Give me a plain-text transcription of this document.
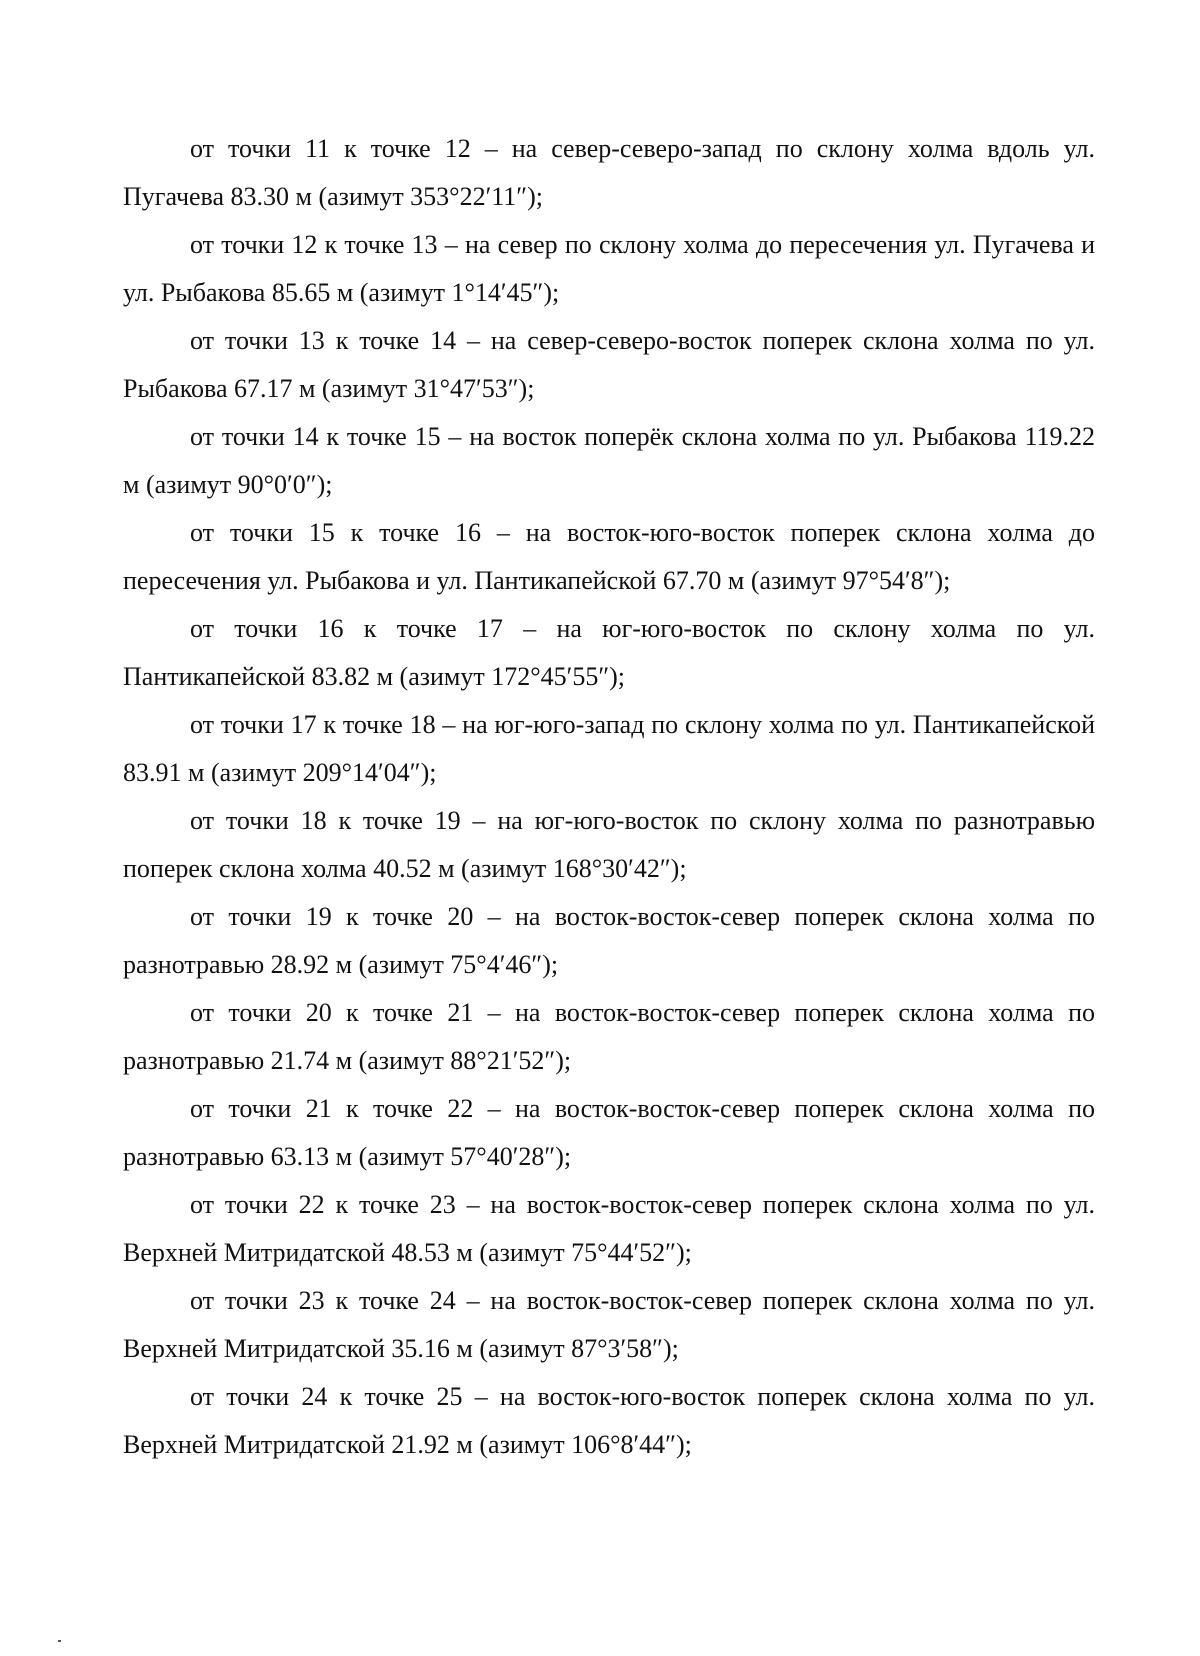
от точки 11 к точке 12 – на север-северо-запад по склону холма вдоль ул. Пугачева 83.30 м (азимут 353°22′11″);

от точки 12 к точке 13 – на север по склону холма до пересечения ул. Пугачева и ул. Рыбакова 85.65 м (азимут 1°14′45″);

от точки 13 к точке 14 – на север-северо-восток поперек склона холма по ул. Рыбакова 67.17 м (азимут 31°47′53″);

от точки 14 к точке 15 – на восток поперёк склона холма по ул. Рыбакова 119.22 м (азимут 90°0′0″);

от точки 15 к точке 16 – на восток-юго-восток поперек склона холма до пересечения ул. Рыбакова и ул. Пантикапейской 67.70 м (азимут 97°54′8″);

от точки 16 к точке 17 – на юг-юго-восток по склону холма по ул. Пантикапейской 83.82 м (азимут 172°45′55″);

от точки 17 к точке 18 – на юг-юго-запад по склону холма по ул. Пантикапейской 83.91 м (азимут 209°14′04″);

от точки 18 к точке 19 – на юг-юго-восток по склону холма по разнотравью поперек склона холма 40.52 м (азимут 168°30′42″);

от точки 19 к точке 20 – на восток-восток-север поперек склона холма по разнотравью 28.92 м (азимут 75°4′46″);

от точки 20 к точке 21 – на восток-восток-север поперек склона холма по разнотравью 21.74 м (азимут 88°21′52″);

от точки 21 к точке 22 – на восток-восток-север поперек склона холма по разнотравью 63.13 м (азимут 57°40′28″);

от точки 22 к точке 23 – на восток-восток-север поперек склона холма по ул. Верхней Митридатской 48.53 м (азимут 75°44′52″);

от точки 23 к точке 24 – на восток-восток-север поперек склона холма по ул. Верхней Митридатской 35.16 м (азимут 87°3′58″);

от точки 24 к точке 25 – на восток-юго-восток поперек склона холма по ул. Верхней Митридатской 21.92 м (азимут 106°8′44″);
